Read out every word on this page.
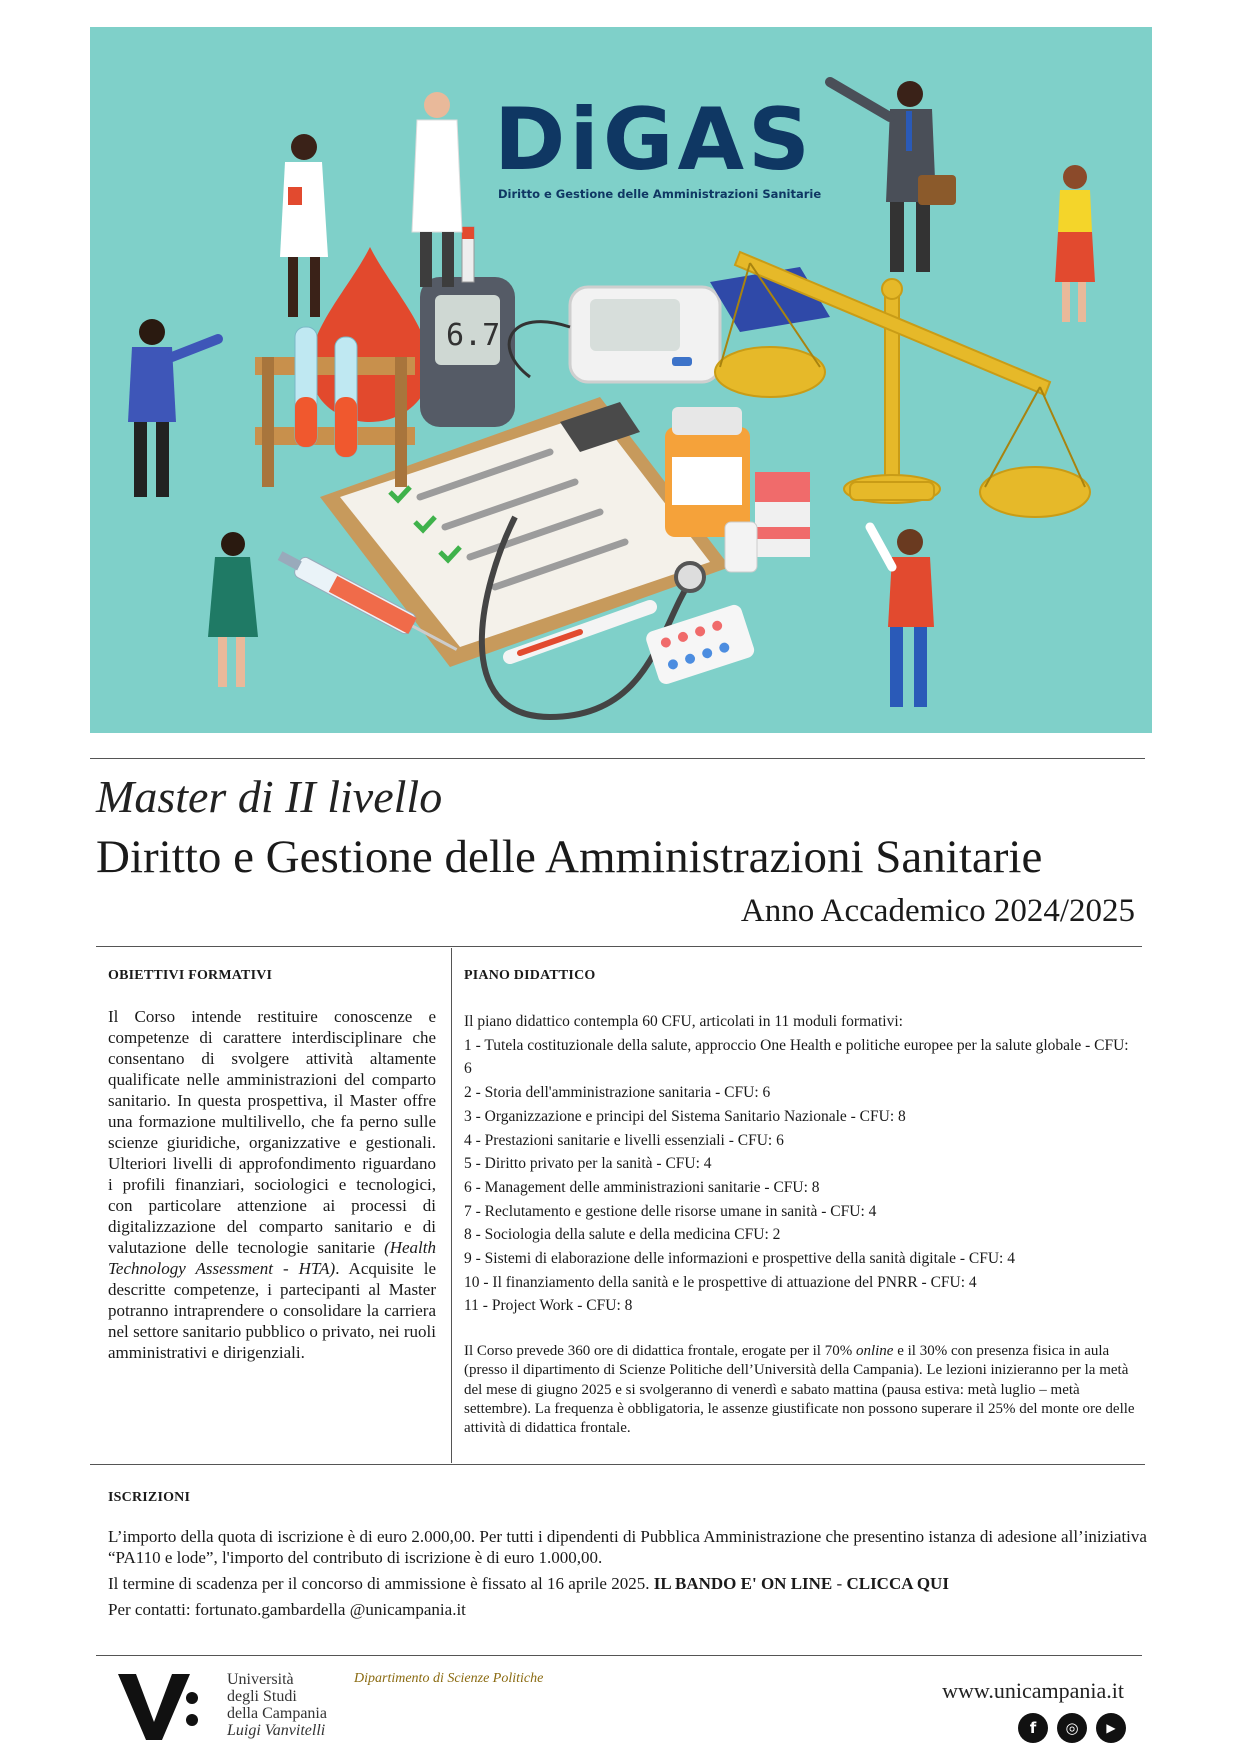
6.7
DiGAS
Diritto e Gestione delle Amministrazioni Sanitarie
Master di II livello
Diritto e Gestione delle Amministrazioni Sanitarie
Anno Accademico 2024/2025
OBIETTIVI FORMATIVI
Il Corso intende restituire conoscenze e competenze di carattere interdisciplinare che consentano di svolgere attività altamente qualificate nelle amministrazioni del comparto sanitario. In questa prospettiva, il Master offre una formazione multilivello, che fa perno sulle scienze giuridiche, organizzative e gestionali. Ulteriori livelli di approfondimento riguardano i profili finanziari, sociologici e tecnologici, con particolare attenzione ai processi di digitalizzazione del comparto sanitario e di valutazione delle tecnologie sanitarie (Health Technology Assessment - HTA). Acquisite le descritte competenze, i partecipanti al Master potranno intraprendere o consolidare la carriera nel settore sanitario pubblico o privato, nei ruoli amministrativi e dirigenziali.
PIANO DIDATTICO
Il piano didattico contempla 60 CFU, articolati in 11 moduli formativi:
1 - Tutela costituzionale della salute, approccio One Health e politiche europee per la salute globale - CFU: 6
2 - Storia dell'amministrazione sanitaria - CFU: 6
3 - Organizzazione e principi del Sistema Sanitario Nazionale - CFU: 8
4 - Prestazioni sanitarie e livelli essenziali - CFU: 6
5 - Diritto privato per la sanità - CFU: 4
6 - Management delle amministrazioni sanitarie - CFU: 8
7 - Reclutamento e gestione delle risorse umane in sanità - CFU: 4
8 - Sociologia della salute e della medicina CFU: 2
9 - Sistemi di elaborazione delle informazioni e prospettive della sanità digitale - CFU: 4
10 - Il finanziamento della sanità e le prospettive di attuazione del PNRR - CFU: 4
11 - Project Work - CFU: 8
Il Corso prevede 360 ore di didattica frontale, erogate per il 70% online e il 30% con presenza fisica in aula (presso il dipartimento di Scienze Politiche dell’Università della Campania). Le lezioni inizieranno per la metà del mese di giugno 2025 e si svolgeranno di venerdì e sabato mattina (pausa estiva: metà luglio – metà settembre). La frequenza è obbligatoria, le assenze giustificate non possono superare il 25% del monte ore delle attività di didattica frontale.
ISCRIZIONI

L’importo della quota di iscrizione è di euro 2.000,00. Per tutti i dipendenti di Pubblica Amministrazione che presentino istanza di adesione all’iniziativa “PA110 e lode”, l'importo del contributo di iscrizione è di euro 1.000,00.

Il termine di scadenza per il concorso di ammissione è fissato al 16 aprile 2025. IL BANDO E' ON LINE - CLICCA QUI

Per contatti: fortunato.gambardella @unicampania.it

Università
degli Studi
della Campania
Luigi Vanvitelli
Dipartimento di Scienze Politiche	www.unicampania.it
f	◎	▶
